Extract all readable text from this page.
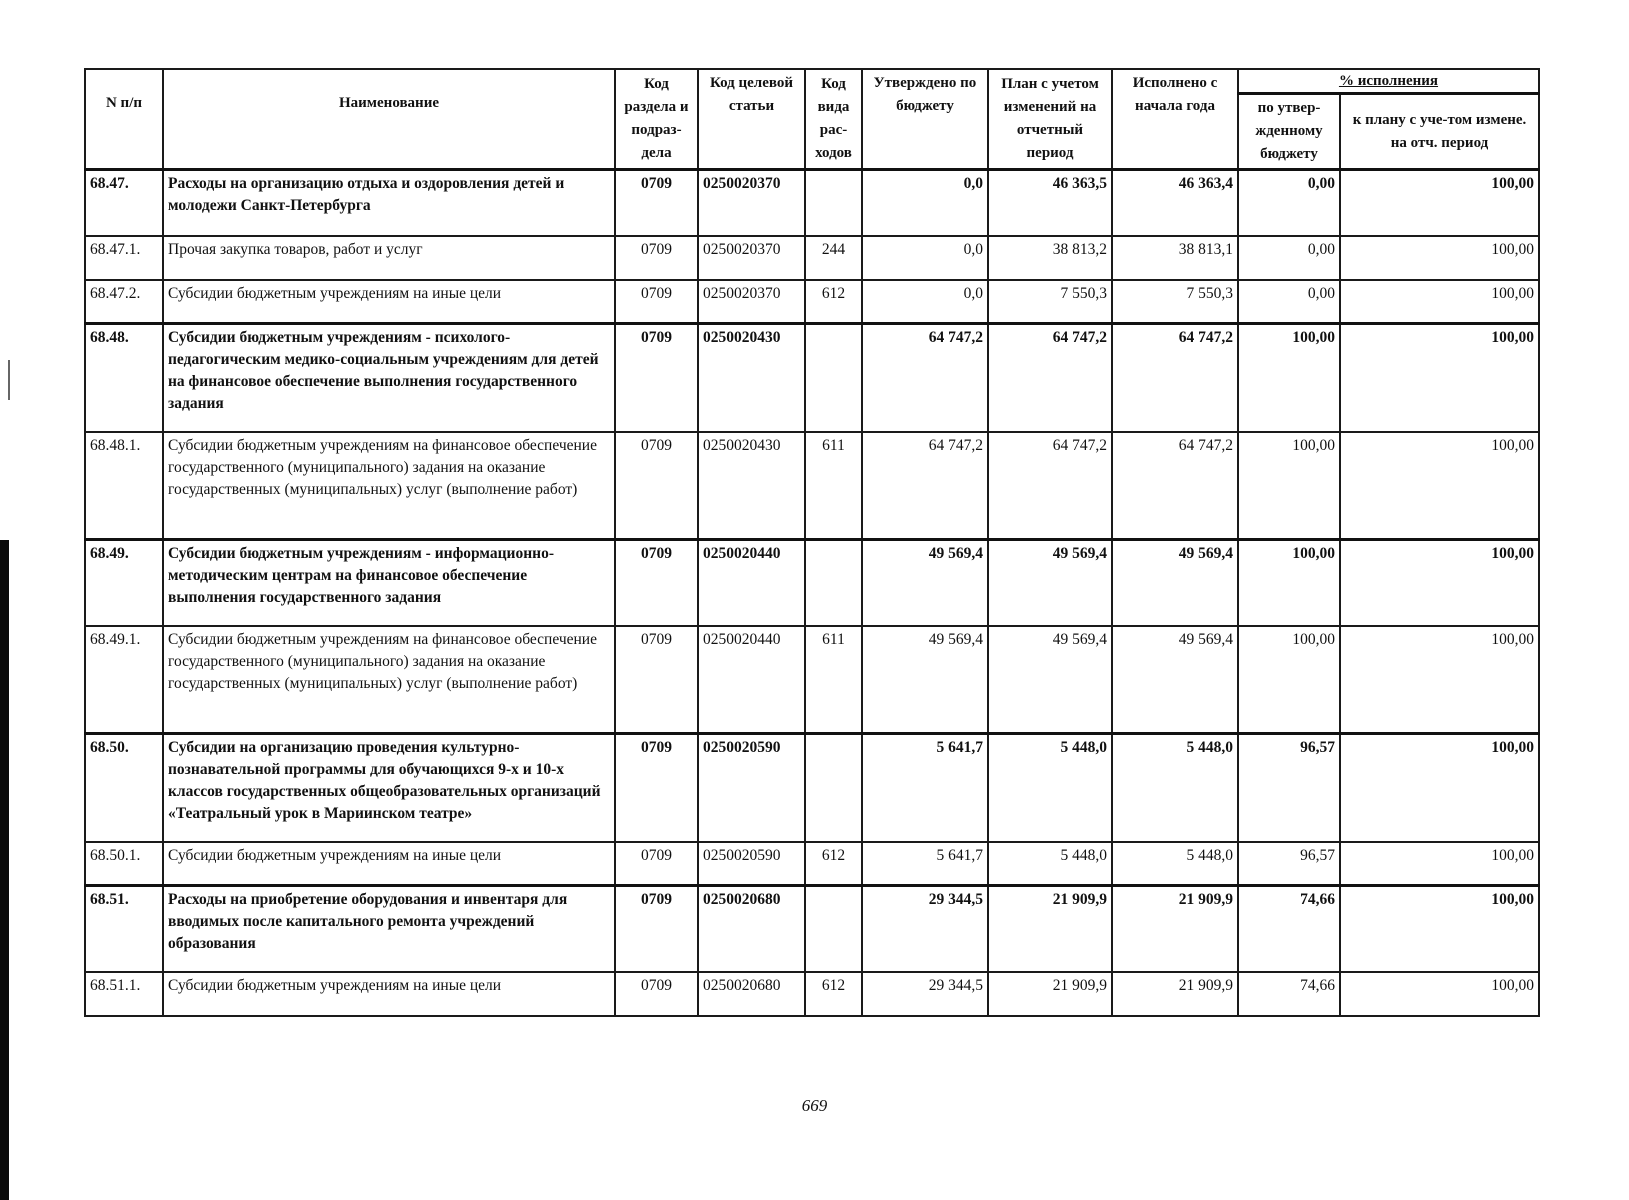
N п/п	Наименование	Код раздела и подраз-дела	Код целевой статьи	Код вида рас-ходов	Утверждено по бюджету	План с учетом изменений на отчетный период	Исполнено с начала года	% исполнения	
								по утвер-жденному бюджету	к плану с уче-том измене. на отч. период
68.47.	Расходы на организацию отдыха и оздоровления детей и молодежи Санкт-Петербурга	0709	0250020370		0,0	46 363,5	46 363,4	0,00	100,00
68.47.1.	Прочая закупка товаров, работ и услуг	0709	0250020370	244	0,0	38 813,2	38 813,1	0,00	100,00
68.47.2.	Субсидии бюджетным учреждениям на иные цели	0709	0250020370	612	0,0	7 550,3	7 550,3	0,00	100,00
68.48.	Субсидии бюджетным учреждениям - психолого-педагогическим медико-социальным учреждениям для детей на финансовое обеспечение выполнения государственного задания	0709	0250020430		64 747,2	64 747,2	64 747,2	100,00	100,00
68.48.1.	Субсидии бюджетным учреждениям на финансовое обеспечение государственного (муниципального) задания на оказание государственных (муниципальных) услуг (выполнение работ)	0709	0250020430	611	64 747,2	64 747,2	64 747,2	100,00	100,00
68.49.	Субсидии бюджетным учреждениям - информационно-методическим центрам на финансовое обеспечение выполнения государственного задания	0709	0250020440		49 569,4	49 569,4	49 569,4	100,00	100,00
68.49.1.	Субсидии бюджетным учреждениям на финансовое обеспечение государственного (муниципального) задания на оказание государственных (муниципальных) услуг (выполнение работ)	0709	0250020440	611	49 569,4	49 569,4	49 569,4	100,00	100,00
68.50.	Субсидии на организацию проведения культурно-познавательной программы для обучающихся 9-х и 10-х классов государственных общеобразовательных организаций «Театральный урок в Мариинском театре»	0709	0250020590		5 641,7	5 448,0	5 448,0	96,57	100,00
68.50.1.	Субсидии бюджетным учреждениям на иные цели	0709	0250020590	612	5 641,7	5 448,0	5 448,0	96,57	100,00
68.51.	Расходы на приобретение оборудования и инвентаря для вводимых после капитального ремонта учреждений образования	0709	0250020680		29 344,5	21 909,9	21 909,9	74,66	100,00
68.51.1.	Субсидии бюджетным учреждениям на иные цели	0709	0250020680	612	29 344,5	21 909,9	21 909,9	74,66	100,00
669
